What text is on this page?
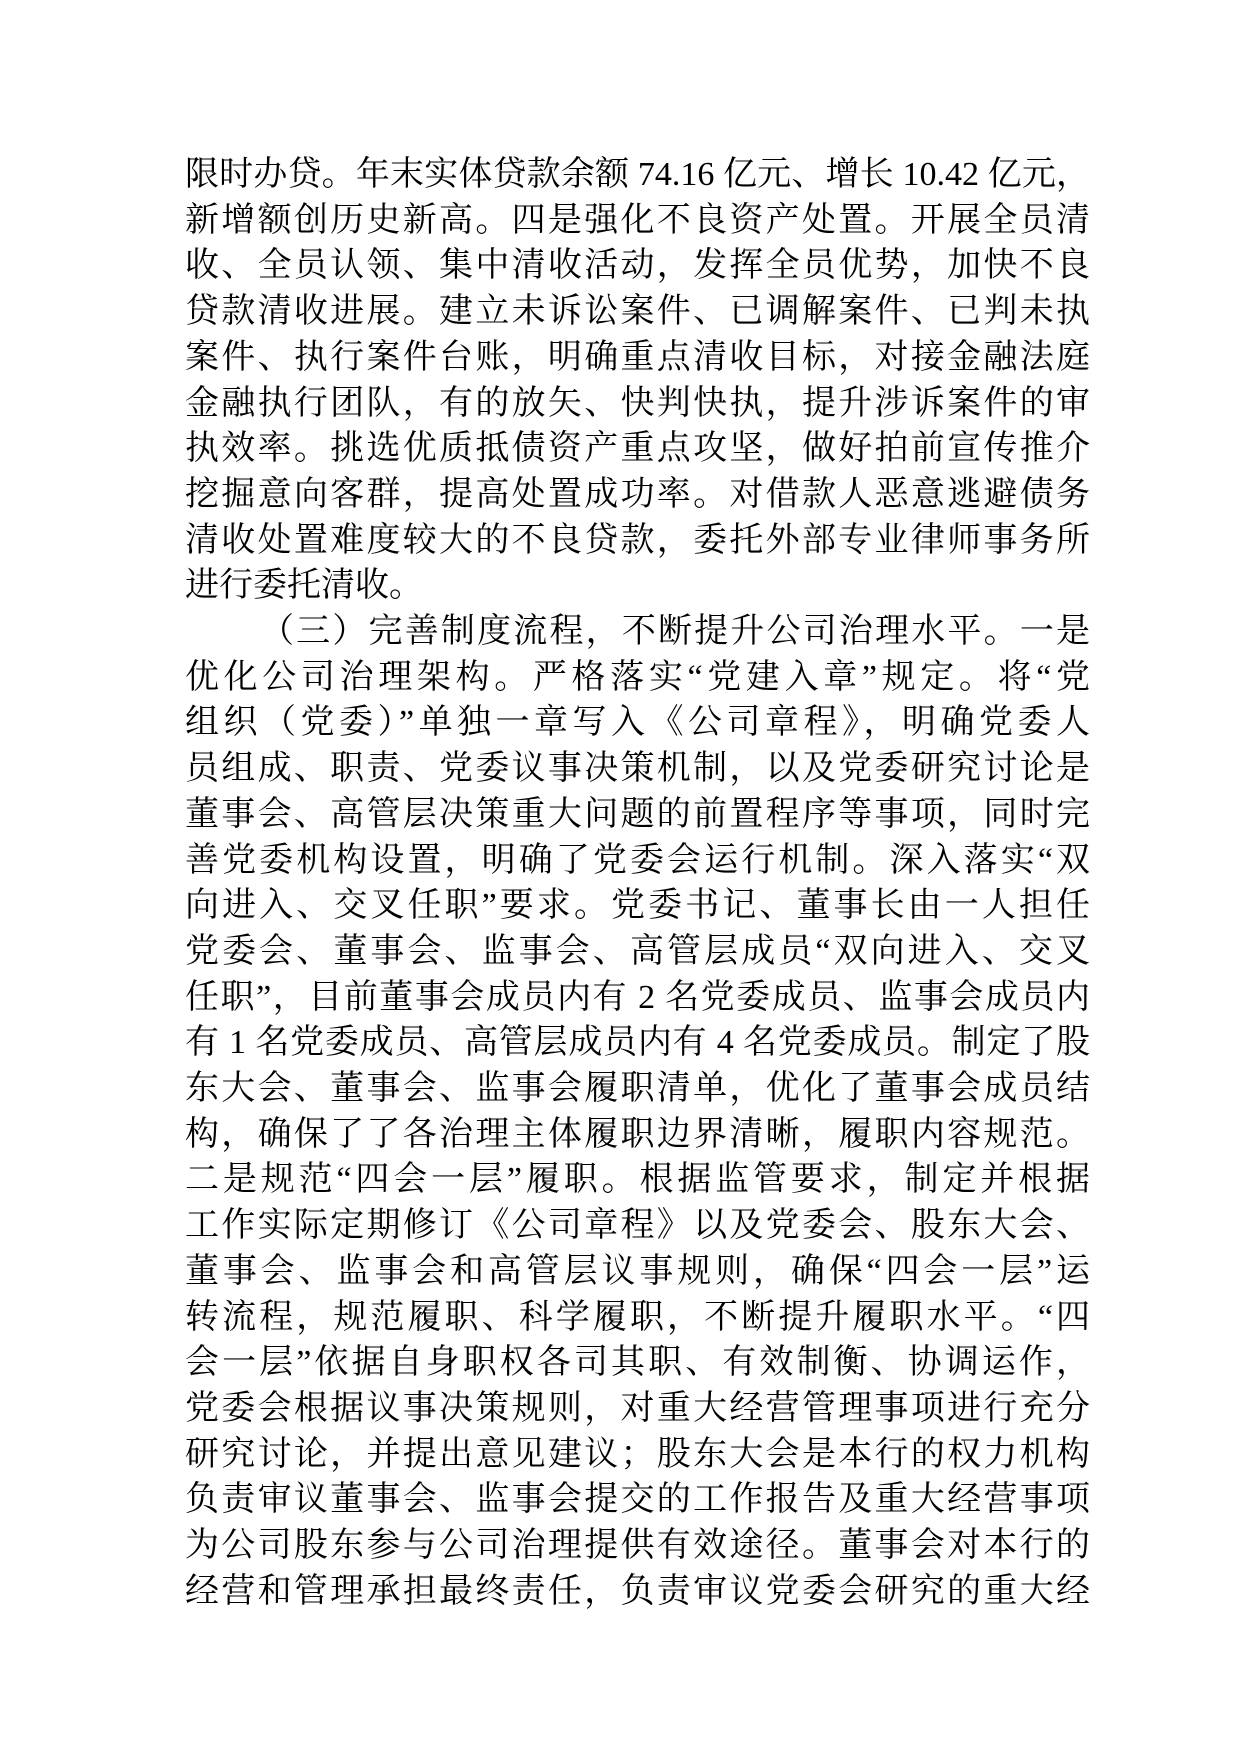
限时办贷。年末实体贷款余额 74.16 亿元、增长 10.42 亿元，
新增额创历史新高。四是强化不良资产处置。开展全员清
收、全员认领、集中清收活动，发挥全员优势，加快不良
贷款清收进展。建立未诉讼案件、已调解案件、已判未执
案件、执行案件台账，明确重点清收目标，对接金融法庭
金融执行团队，有的放矢、快判快执，提升涉诉案件的审
执效率。挑选优质抵债资产重点攻坚，做好拍前宣传推介
挖掘意向客群，提高处置成功率。对借款人恶意逃避债务
清收处置难度较大的不良贷款，委托外部专业律师事务所
进行委托清收。
（三）完善制度流程，不断提升公司治理水平。一是
优化公司治理架构。严格落实“党建入章”规定。将“党
组织（党委）”单独一章写入《公司章程》，明确党委人
员组成、职责、党委议事决策机制，以及党委研究讨论是
董事会、高管层决策重大问题的前置程序等事项，同时完
善党委机构设置，明确了党委会运行机制。深入落实“双
向进入、交叉任职”要求。党委书记、董事长由一人担任
党委会、董事会、监事会、高管层成员“双向进入、交叉
任职”，目前董事会成员内有 2 名党委成员、监事会成员内
有 1 名党委成员、高管层成员内有 4 名党委成员。制定了股
东大会、董事会、监事会履职清单，优化了董事会成员结
构，确保了了各治理主体履职边界清晰，履职内容规范。
二是规范“四会一层”履职。根据监管要求，制定并根据
工作实际定期修订《公司章程》以及党委会、股东大会、
董事会、监事会和高管层议事规则，确保“四会一层”运
转流程，规范履职、科学履职，不断提升履职水平。“四
会一层”依据自身职权各司其职、有效制衡、协调运作，
党委会根据议事决策规则，对重大经营管理事项进行充分
研究讨论，并提出意见建议；股东大会是本行的权力机构
负责审议董事会、监事会提交的工作报告及重大经营事项
为公司股东参与公司治理提供有效途径。董事会对本行的
经营和管理承担最终责任，负责审议党委会研究的重大经
